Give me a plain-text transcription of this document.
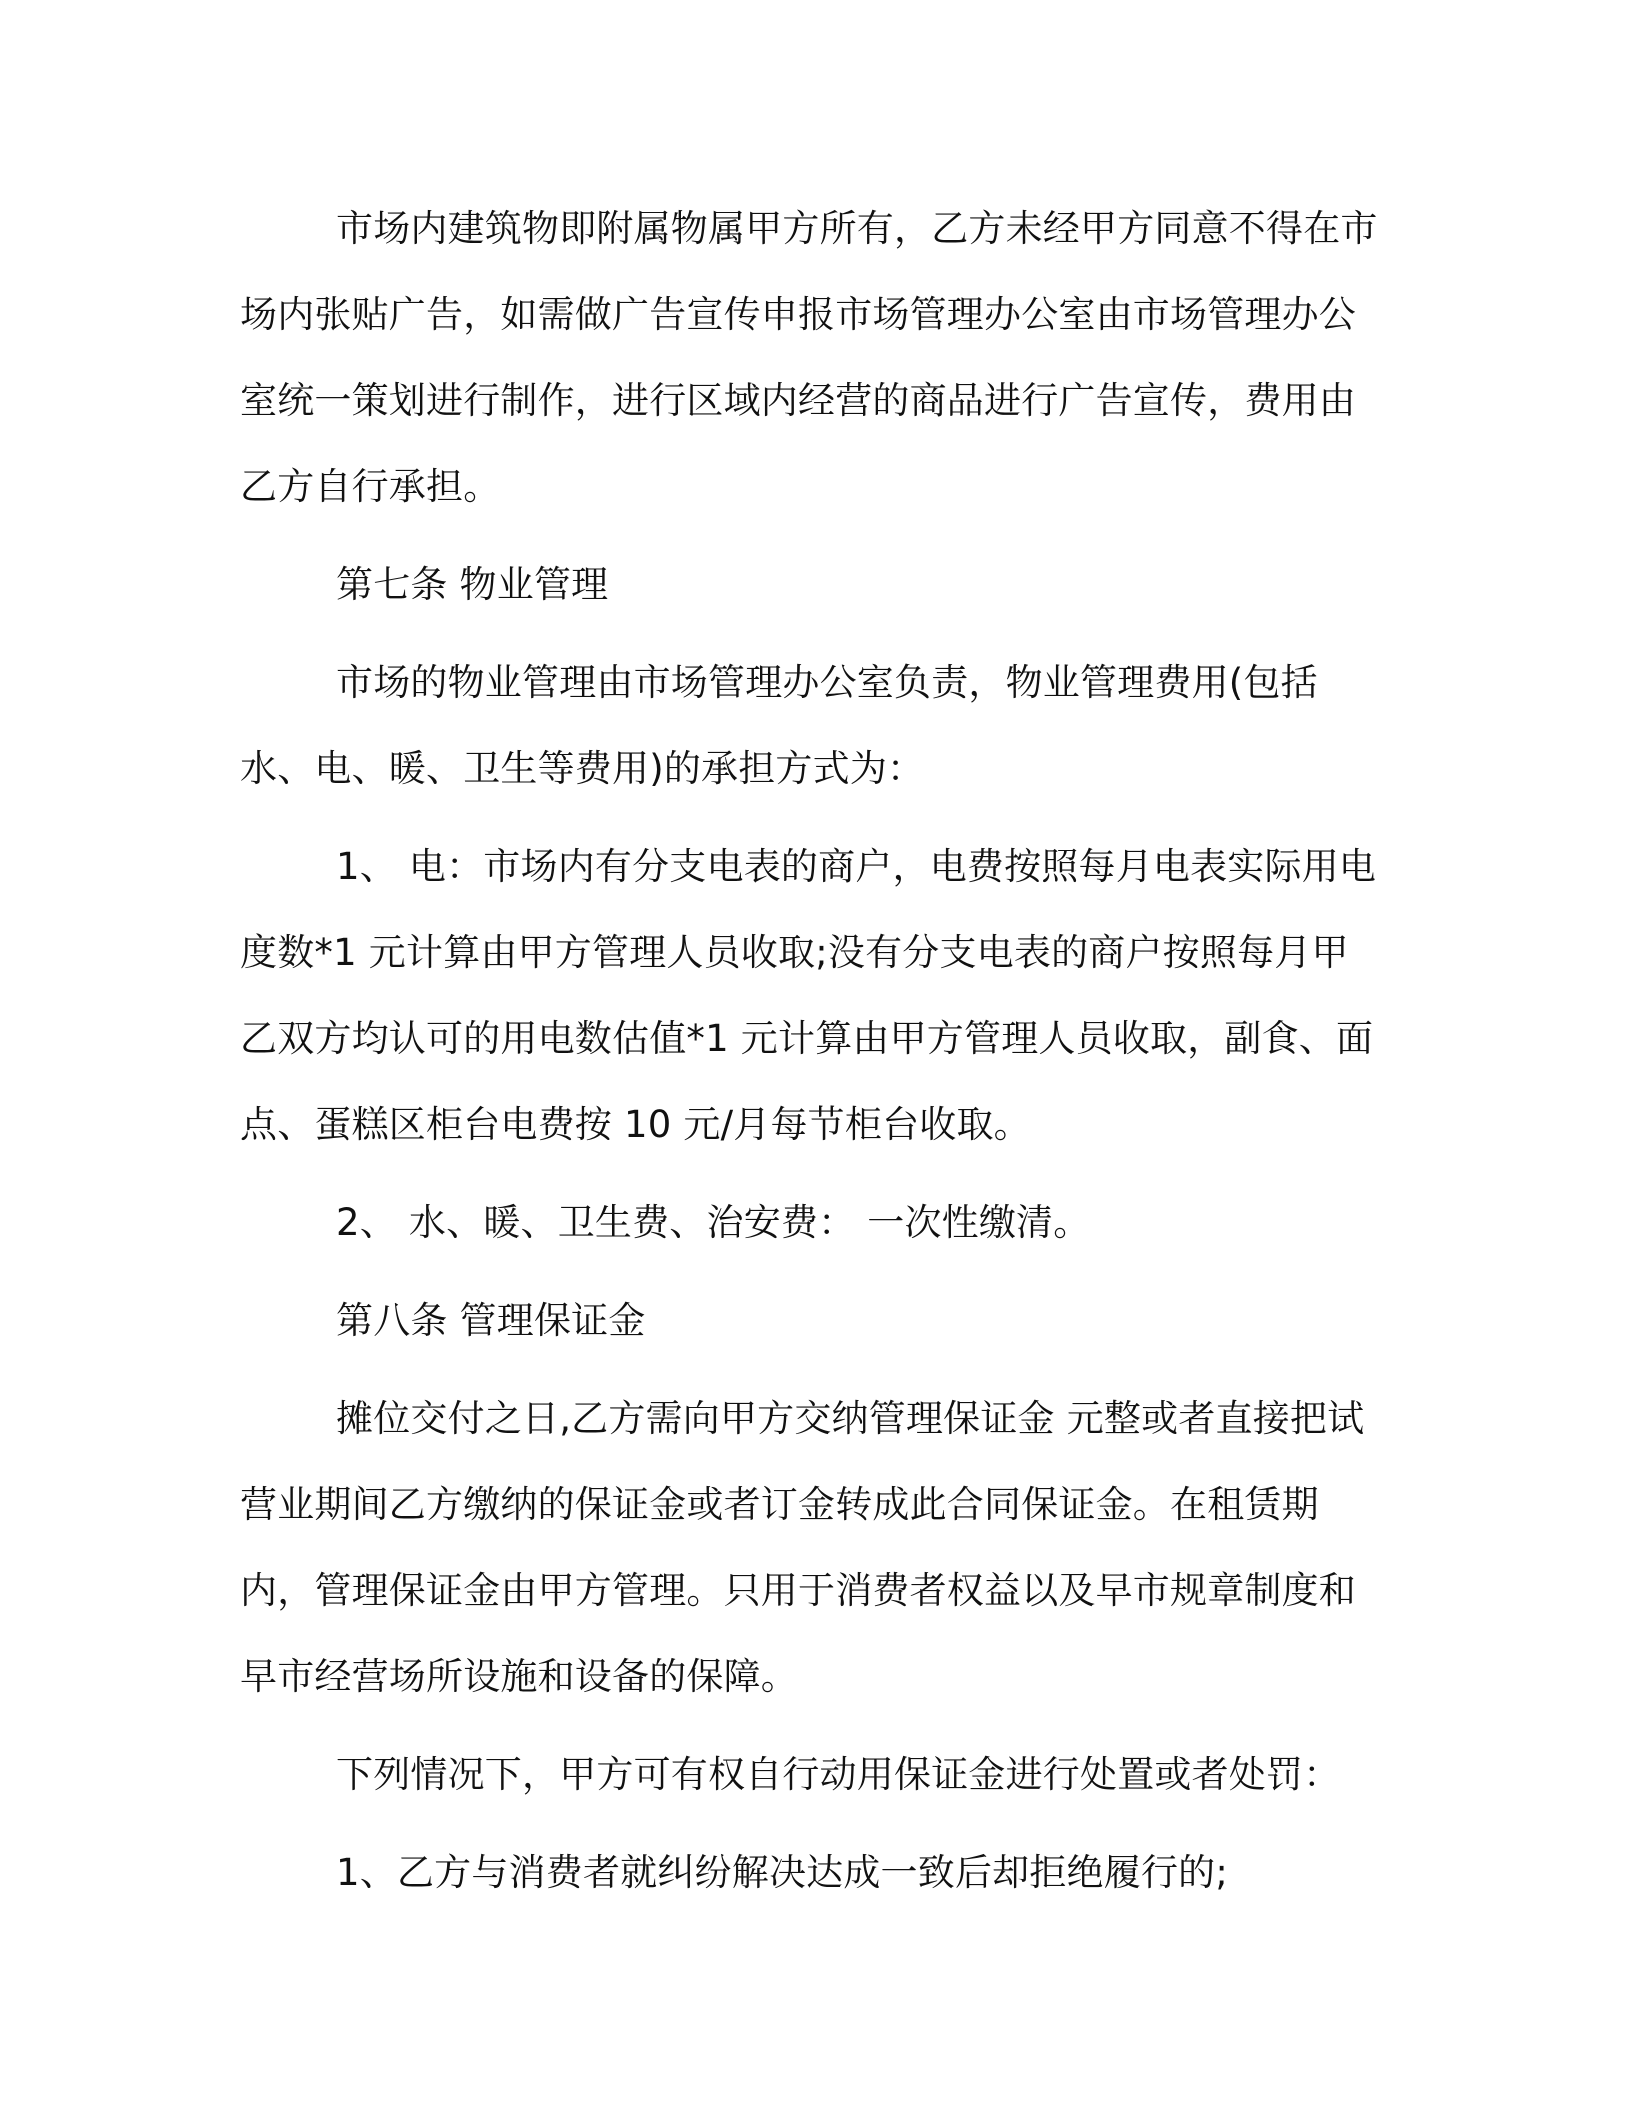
市场内建筑物即附属物属甲方所有，乙方未经甲方同意不得在市场内张贴广告，如需做广告宣传申报市场管理办公室由市场管理办公室统一策划进行制作，进行区域内经营的商品进行广告宣传，费用由乙方自行承担。

第七条 物业管理

市场的物业管理由市场管理办公室负责，物业管理费用(包括水、电、暖、卫生等费用)的承担方式为：

1、 电：市场内有分支电表的商户，电费按照每月电表实际用电度数*1 元计算由甲方管理人员收取;没有分支电表的商户按照每月甲乙双方均认可的用电数估值*1 元计算由甲方管理人员收取，副食、面点、蛋糕区柜台电费按 10 元/月每节柜台收取。

2、 水、暖、卫生费、治安费： 一次性缴清。

第八条 管理保证金

摊位交付之日,乙方需向甲方交纳管理保证金 元整或者直接把试营业期间乙方缴纳的保证金或者订金转成此合同保证金。在租赁期内，管理保证金由甲方管理。只用于消费者权益以及早市规章制度和早市经营场所设施和设备的保障。

下列情况下，甲方可有权自行动用保证金进行处置或者处罚：

1、乙方与消费者就纠纷解决达成一致后却拒绝履行的;
